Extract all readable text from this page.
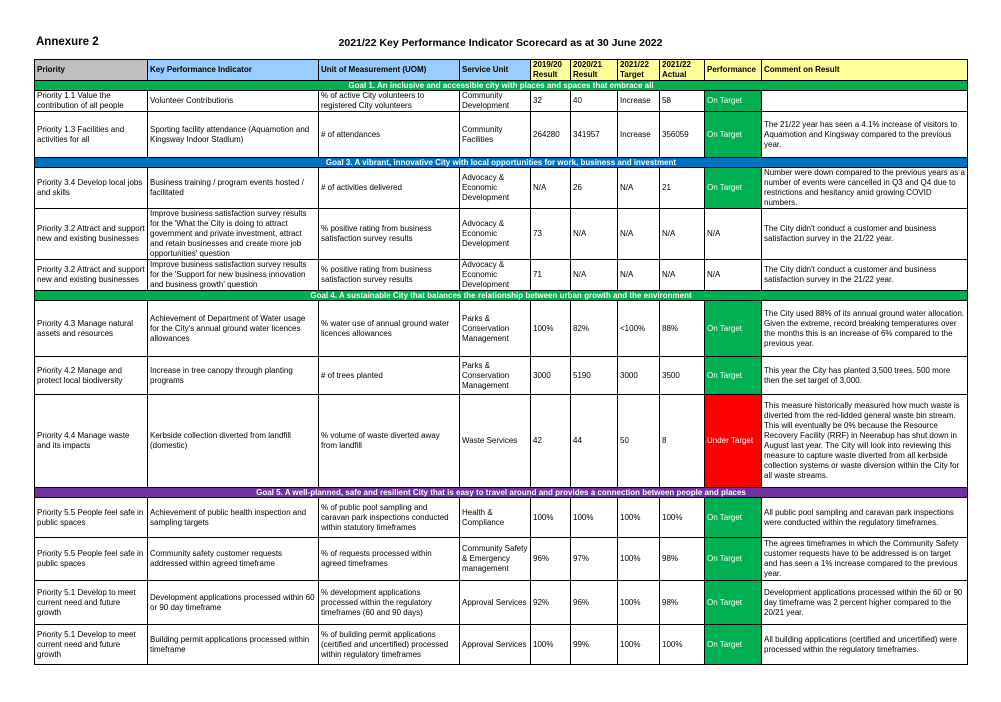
Annexure 2	2021/22 Key Performance Indicator Scorecard as at 30 June 2022
Priority	Key Performance Indicator	Unit of Measurement (UOM)	Service Unit	2019/20 Result	2020/21 Result	2021/22 Target	2021/22 Actual	Performance	Comment on Result
Goal 1. An inclusive and accessible city with places and spaces that embrace all									
Priority 1.1 Value the contribution of all people	Volunteer Contributions	% of active City volunteers to registered City volunteers	Community Development	32	40	Increase	58	On Target	
Priority 1.3 Facilities and activities for all	Sporting facility attendance (Aquamotion and Kingsway Indoor Stadium)	# of attendances	Community Facilities	264280	341957	Increase	356059	On Target	The 21/22 year has seen a 4.1% increase of visitors to Aquamotion and Kingsway compared to the previous year.
Goal 3. A vibrant, innovative City with local opportunities for work, business and investment									
Priority 3.4 Develop local jobs and skills	Business training / program events hosted / facilitated	# of activities delivered	Advocacy & Economic Development	N/A	26	N/A	21	On Target	Number were down compared to the previous years as a number of events were cancelled in Q3 and Q4 due to restrictions and hesitancy amid growing COVID numbers.
Priority 3.2 Attract and support new and existing businesses	Improve business satisfaction survey results for the 'What the City is doing to attract government and private investment, attract and retain businesses and create more job opportunities' question	% positive rating from business satisfaction survey results	Advocacy & Economic Development	73	N/A	N/A	N/A	N/A	The City didn't conduct a customer and business satisfaction survey in the 21/22 year.
Priority 3.2 Attract and support new and existing businesses	Improve business satisfaction survey results for the 'Support for new business innovation and business growth' question	% positive rating from business satisfaction survey results	Advocacy & Economic Development	71	N/A	N/A	N/A	N/A	The City didn't conduct a customer and business satisfaction survey in the 21/22 year.
Goal 4. A sustainable City that balances the relationship between urban growth and the environment									
Priority 4.3 Manage natural assets and resources	Achievement of Department of Water usage for the City's annual ground water licences allowances	% water use of annual ground water licences allowances	Parks & Conservation Management	100%	82%	<100%	88%	On Target	The City used 88% of its annual ground water allocation. Given the extreme, record breaking temperatures over the months this is an increase of 6% compared to the previous year.
Priority 4.2 Manage and protect local biodiversity	Increase in tree canopy through planting programs	# of trees planted	Parks & Conservation Management	3000	5190	3000	3500	On Target	This year the City has planted 3,500 trees. 500 more then the set target of 3,000.
Priority 4.4 Manage waste and its impacts	Kerbside collection diverted from landfill (domestic)	% volume of waste diverted away from landfill	Waste Services	42	44	50	8	Under Target	This measure historically measured how much waste is diverted from the red-lidded general waste bin stream. This will eventually be 0% because the Resource Recovery Facility (RRF) in Neerabup has shut down in August last year. The City will look into reviewing this measure to capture waste diverted from all kerbside collection systems or waste diversion within the City for all waste streams.
Goal 5. A well-planned, safe and resilient City that is easy to travel around and provides a connection between people and places									
Priority 5.5 People feel safe in public spaces	Achievement of public health inspection and sampling targets	% of public pool sampling and caravan park inspections conducted within statutory timeframes	Health & Compliance	100%	100%	100%	100%	On Target	All public pool sampling and caravan park inspections were conducted within the regulatory timeframes.
Priority 5.5 People feel safe in public spaces	Community safety customer requests addressed within agreed timeframe	% of requests processed within agreed timeframes	Community Safety & Emergency management	96%	97%	100%	98%	On Target	The agrees timeframes in which the Community Safety customer requests have to be addressed is on target and has seen a 1% increase compared to the previous year.
Priority 5.1 Develop to meet current need and future growth	Development applications processed within 60 or 90 day timeframe	% development applications processed within the regulatory timeframes (60 and 90 days)	Approval Services	92%	96%	100%	98%	On Target	Development applications processed within the 60 or 90 day timeframe was 2 percent higher compared to the 20/21 year.
Priority 5.1 Develop to meet current need and future growth	Building permit applications processed within timeframe	% of building permit applications (certified and uncertified) processed within regulatory timeframes	Approval Services	100%	99%	100%	100%	On Target	All building applications (certified and uncertified) were processed within the regulatory timeframes.
